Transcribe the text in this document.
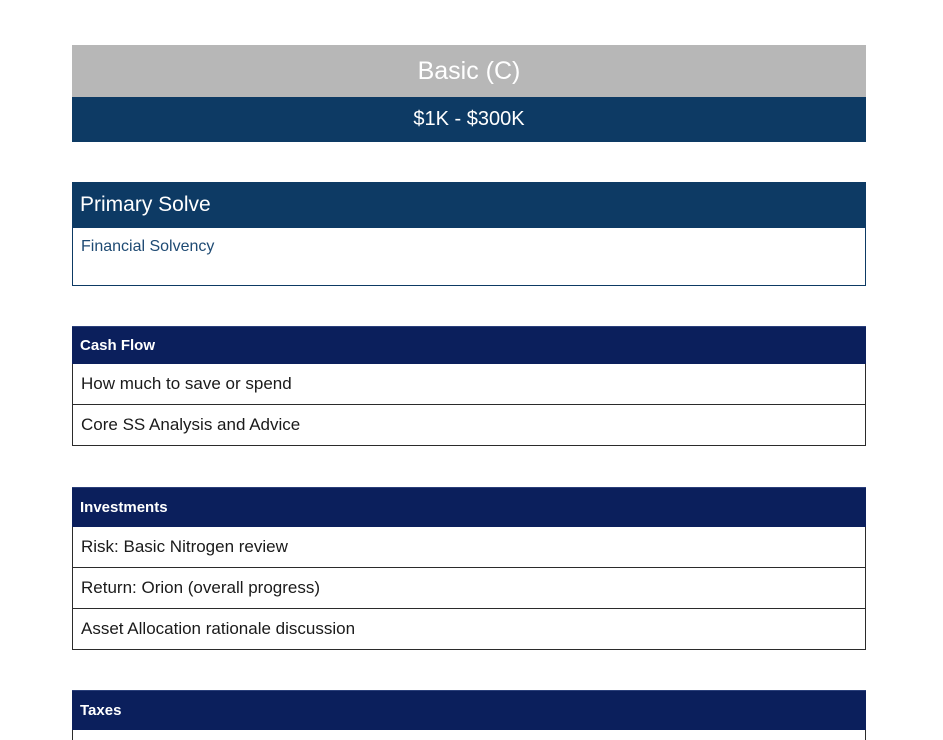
Basic (C)
$1K - $300K
Primary Solve
Financial Solvency
Cash Flow
How much to save or spend
Core SS Analysis and Advice
Investments
Risk: Basic Nitrogen review
Return: Orion (overall progress)
Asset Allocation rationale discussion
Taxes
